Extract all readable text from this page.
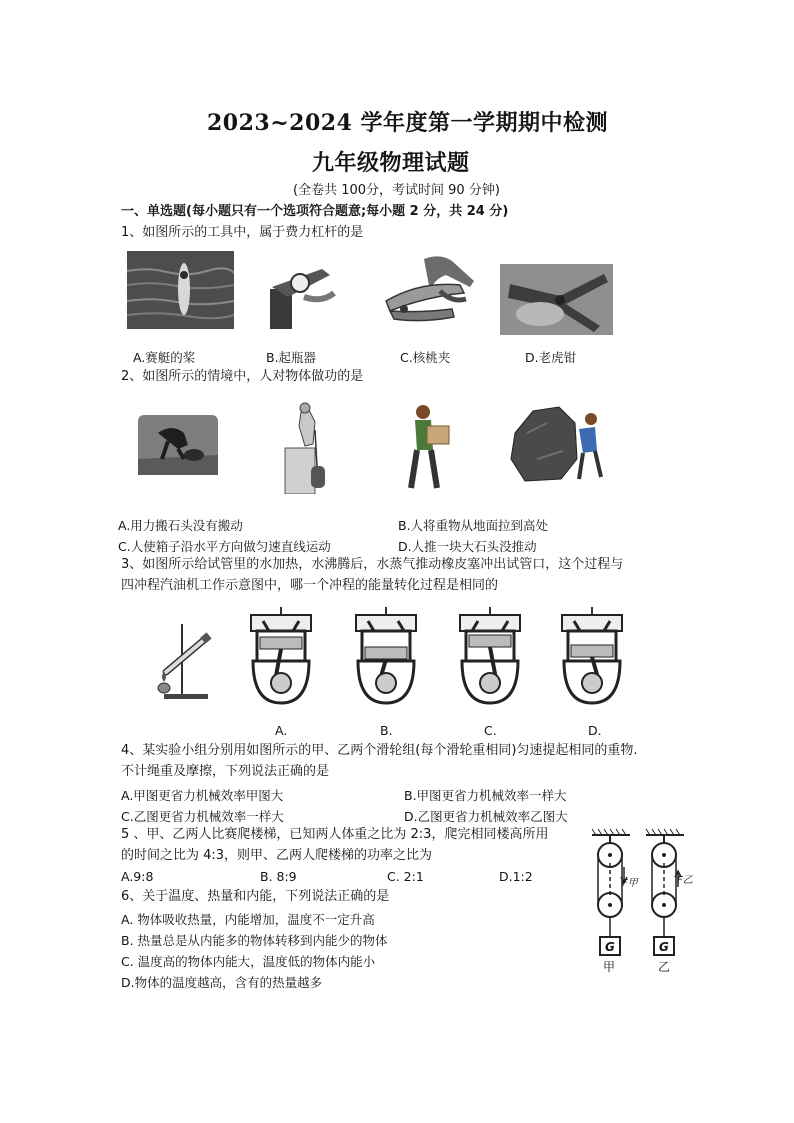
2023~2024 学年度第一学期期中检测
九年级物理试题
(全卷共 100分，考试时间 90 分钟)
一、单选题(每小题只有一个选项符合题意;每小题 2 分，共 24 分)
1、如图所示的工具中，属于费力杠杆的是
A.赛艇的桨	B.起瓶器	C.核桃夹	D.老虎钳
2、如图所示的情境中，人对物体做功的是
A.用力搬石头没有搬动	B.人将重物从地面拉到高处
C.人使箱子沿水平方向做匀速直线运动	D.人推一块大石头没推动
3、如图所示给试管里的水加热，水沸腾后，水蒸气推动橡皮塞冲出试管口，这个过程与
四冲程汽油机工作示意图中，哪一个冲程的能量转化过程是相同的
A.	B.	C.	D.
4、某实验小组分别用如图所示的甲、乙两个滑轮组(每个滑轮重相同)匀速提起相同的重物.
不计绳重及摩擦，下列说法正确的是
A.甲图更省力机械效率甲图大	B.甲图更省力机械效率一样大
C.乙图更省力机械效率一样大	D.乙图更省力机械效率乙图大
5 、甲、乙两人比赛爬楼梯，已知两人体重之比为 2:3，爬完相同楼高所用
的时间之比为 4:3，则甲、乙两人爬楼梯的功率之比为
A.9:8	B. 8:9	C. 2:1	D.1:2
6、关于温度、热量和内能，下列说法正确的是
A. 物体吸收热量，内能增加，温度不一定升高
B. 热量总是从内能多的物体转移到内能少的物体
C. 温度高的物体内能大，温度低的物体内能小
D.物体的温度越高，含有的热量越多
F甲	F乙
G	G
甲	乙
